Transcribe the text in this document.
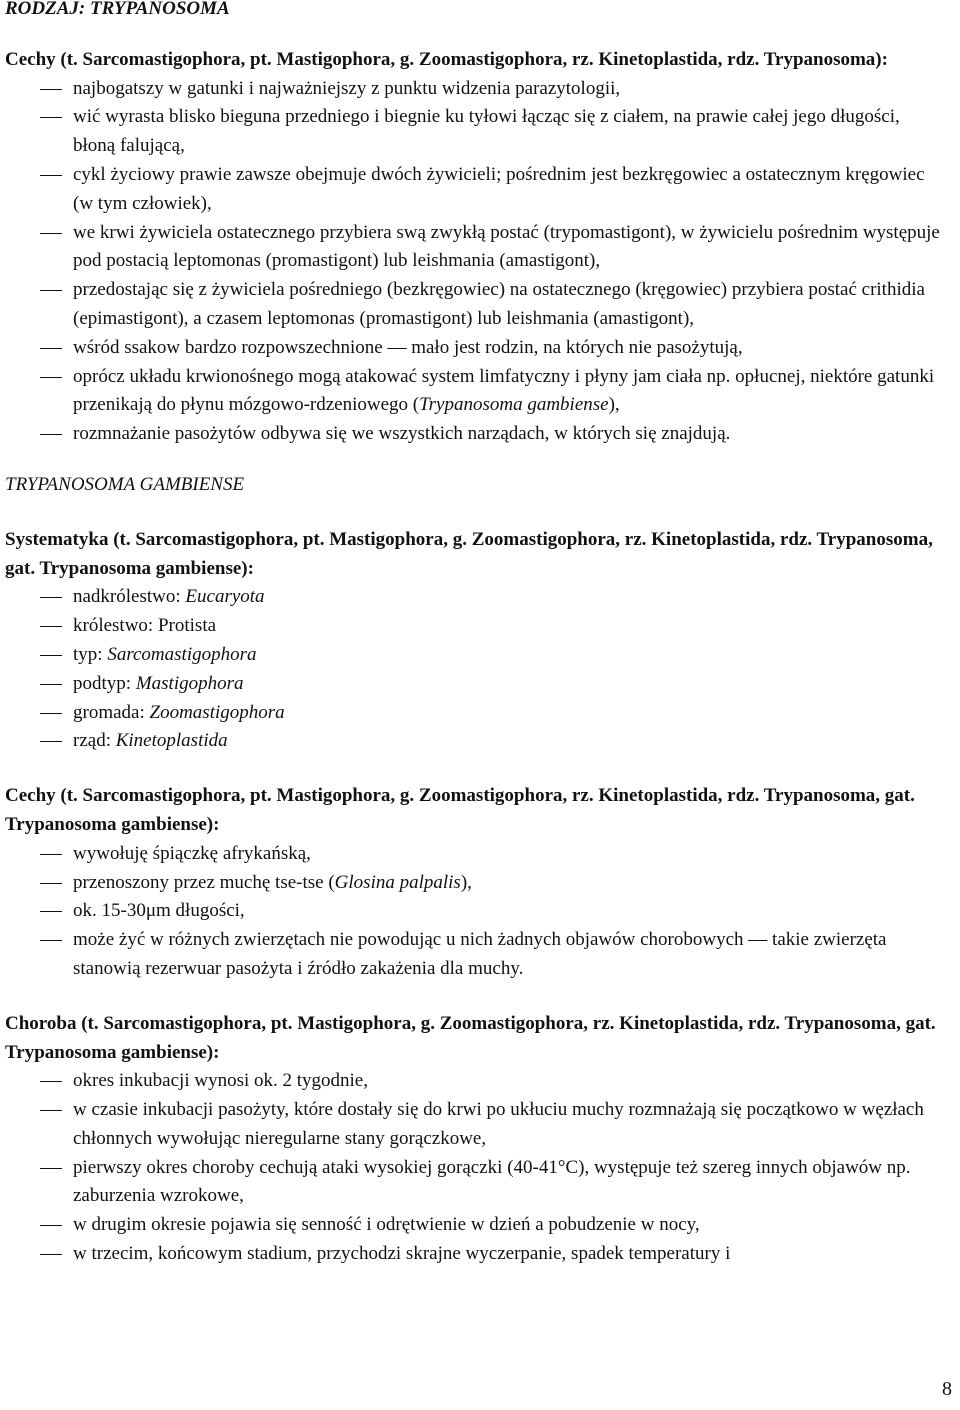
RODZAJ: TRYPANOSOMA
Cechy (t. Sarcomastigophora, pt. Mastigophora, g. Zoomastigophora, rz. Kinetoplastida, rdz. Trypanosoma):
najbogatszy w gatunki i najważniejszy z punktu widzenia parazytologii,
wić wyrasta blisko bieguna przedniego i biegnie ku tyłowi łącząc się z ciałem, na prawie całej jego długości, błoną falującą,
cykl życiowy prawie zawsze obejmuje dwóch żywicieli; pośrednim jest bezkręgowiec a ostatecznym kręgowiec (w tym człowiek),
we krwi żywiciela ostatecznego przybiera swą zwykłą postać (trypomastigont), w żywicielu pośrednim występuje pod postacią leptomonas (promastigont) lub leishmania (amastigont),
przedostając się z żywiciela pośredniego (bezkręgowiec) na ostatecznego (kręgowiec) przybiera postać crithidia (epimastigont), a czasem leptomonas (promastigont) lub leishmania (amastigont),
wśród ssakow bardzo rozpowszechnione — mało jest rodzin, na których nie pasożytują,
oprócz układu krwionośnego mogą atakować system limfatyczny i płyny jam ciała np. opłucnej, niektóre gatunki przenikają do płynu mózgowo-rdzeniowego (Trypanosoma gambiense),
rozmnażanie pasożytów odbywa się we wszystkich narządach, w których się znajdują.
TRYPANOSOMA GAMBIENSE
Systematyka (t. Sarcomastigophora, pt. Mastigophora, g. Zoomastigophora, rz. Kinetoplastida, rdz. Trypanosoma, gat. Trypanosoma gambiense):
nadkrólestwo: Eucaryota
królestwo: Protista
typ: Sarcomastigophora
podtyp: Mastigophora
gromada: Zoomastigophora
rząd: Kinetoplastida
Cechy (t. Sarcomastigophora, pt. Mastigophora, g. Zoomastigophora, rz. Kinetoplastida, rdz. Trypanosoma, gat. Trypanosoma gambiense):
wywołuję śpiączkę afrykańską,
przenoszony przez muchę tse-tse (Glosina palpalis),
ok. 15-30μm długości,
może żyć w różnych zwierzętach nie powodując u nich żadnych objawów chorobowych — takie zwierzęta stanowią rezerwuar pasożyta i źródło zakażenia dla muchy.
Choroba (t. Sarcomastigophora, pt. Mastigophora, g. Zoomastigophora, rz. Kinetoplastida, rdz. Trypanosoma, gat. Trypanosoma gambiense):
okres inkubacji wynosi ok. 2 tygodnie,
w czasie inkubacji pasożyty, które dostały się do krwi po ukłuciu muchy rozmnażają się początkowo w węzłach chłonnych wywołując nieregularne stany gorączkowe,
pierwszy okres choroby cechują ataki wysokiej gorączki (40-41°C), występuje też szereg innych objawów np. zaburzenia wzrokowe,
w drugim okresie pojawia się senność i odrętwienie w dzień a pobudzenie w nocy,
w trzecim, końcowym stadium, przychodzi skrajne wyczerpanie, spadek temperatury i
8
